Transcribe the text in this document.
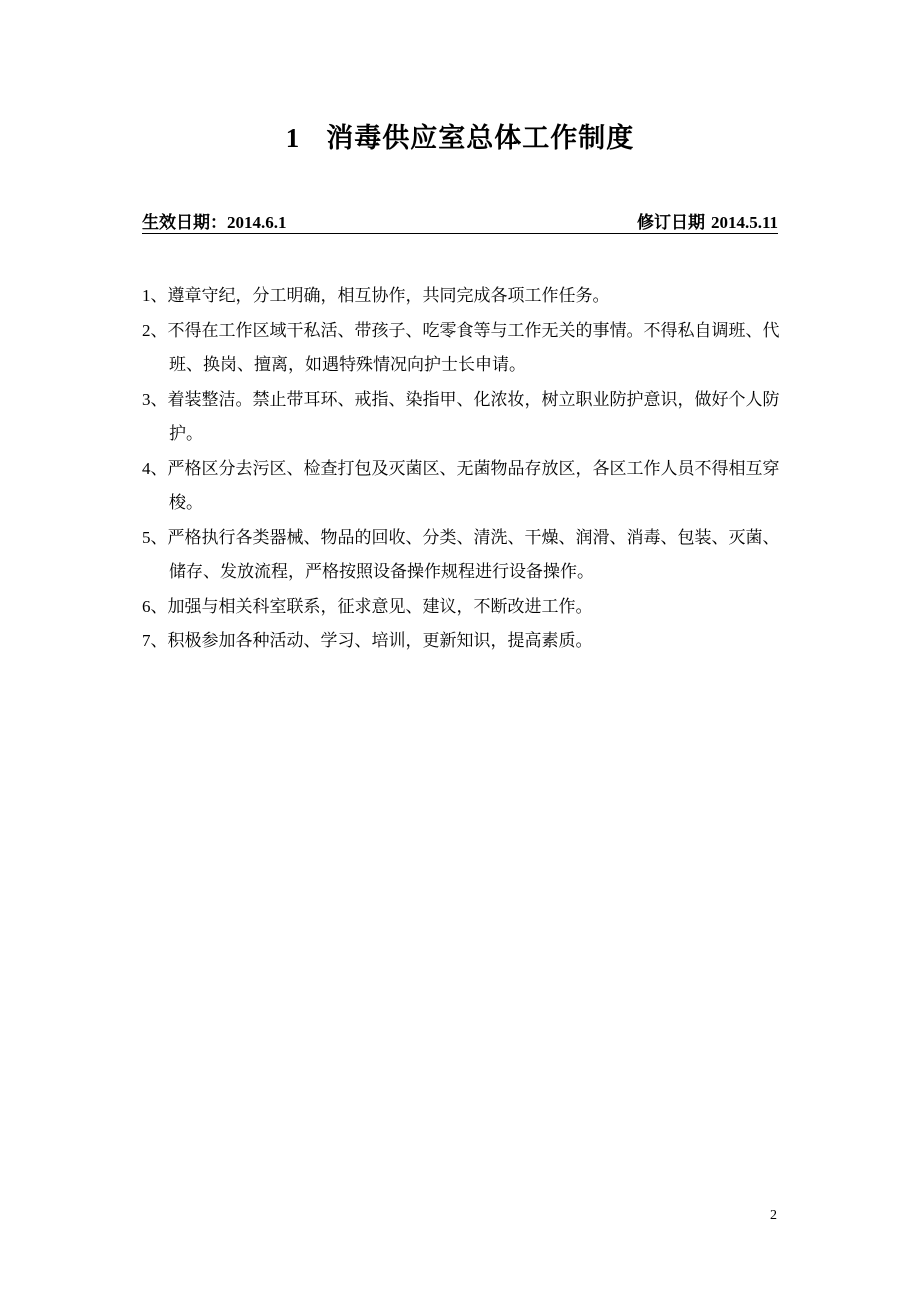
1 消毒供应室总体工作制度
生效日期：2014.6.1	修订日期 2014.5.11
1、遵章守纪，分工明确，相互协作，共同完成各项工作任务。
2、不得在工作区域干私活、带孩子、吃零食等与工作无关的事情。不得私自调班、代班、换岗、擅离，如遇特殊情况向护士长申请。
3、着装整洁。禁止带耳环、戒指、染指甲、化浓妆，树立职业防护意识，做好个人防护。
4、严格区分去污区、检查打包及灭菌区、无菌物品存放区，各区工作人员不得相互穿梭。
5、严格执行各类器械、物品的回收、分类、清洗、干燥、润滑、消毒、包装、灭菌、储存、发放流程，严格按照设备操作规程进行设备操作。
6、加强与相关科室联系，征求意见、建议，不断改进工作。
7、积极参加各种活动、学习、培训，更新知识，提高素质。
2
